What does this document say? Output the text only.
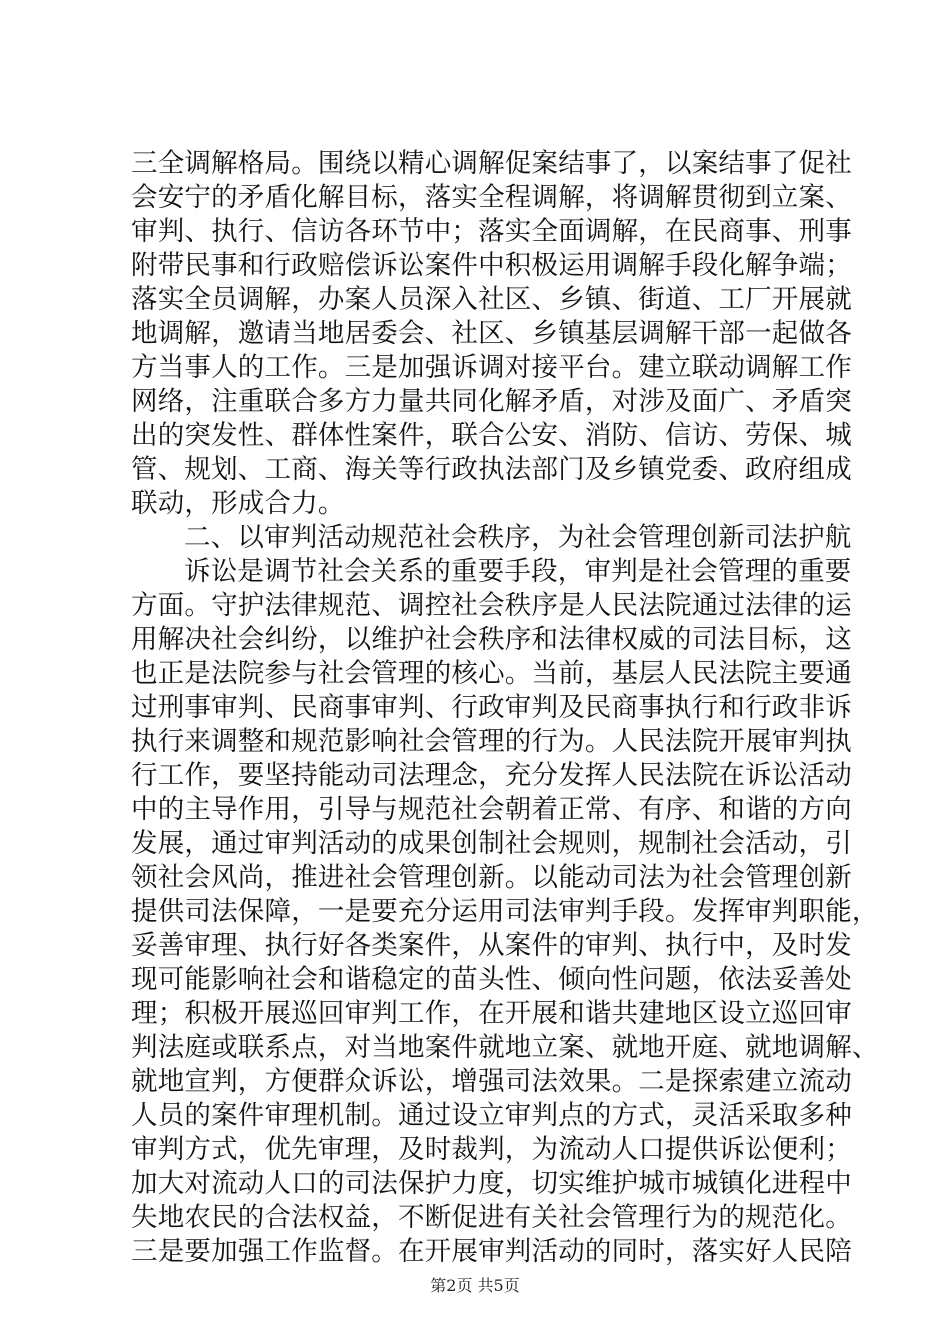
三全调解格局。围绕以精心调解促案结事了，以案结事了促社
会安宁的矛盾化解目标，落实全程调解，将调解贯彻到立案、
审判、执行、信访各环节中；落实全面调解，在民商事、刑事
附带民事和行政赔偿诉讼案件中积极运用调解手段化解争端；
落实全员调解，办案人员深入社区、乡镇、街道、工厂开展就
地调解，邀请当地居委会、社区、乡镇基层调解干部一起做各
方当事人的工作。三是加强诉调对接平台。建立联动调解工作
网络，注重联合多方力量共同化解矛盾，对涉及面广、矛盾突
出的突发性、群体性案件，联合公安、消防、信访、劳保、城
管、规划、工商、海关等行政执法部门及乡镇党委、政府组成
联动，形成合力。
二、以审判活动规范社会秩序，为社会管理创新司法护航
诉讼是调节社会关系的重要手段，审判是社会管理的重要
方面。守护法律规范、调控社会秩序是人民法院通过法律的运
用解决社会纠纷，以维护社会秩序和法律权威的司法目标，这
也正是法院参与社会管理的核心。当前，基层人民法院主要通
过刑事审判、民商事审判、行政审判及民商事执行和行政非诉
执行来调整和规范影响社会管理的行为。人民法院开展审判执
行工作，要坚持能动司法理念，充分发挥人民法院在诉讼活动
中的主导作用，引导与规范社会朝着正常、有序、和谐的方向
发展，通过审判活动的成果创制社会规则，规制社会活动，引
领社会风尚，推进社会管理创新。以能动司法为社会管理创新
提供司法保障，一是要充分运用司法审判手段。发挥审判职能，
妥善审理、执行好各类案件，从案件的审判、执行中，及时发
现可能影响社会和谐稳定的苗头性、倾向性问题，依法妥善处
理；积极开展巡回审判工作，在开展和谐共建地区设立巡回审
判法庭或联系点，对当地案件就地立案、就地开庭、就地调解、
就地宣判，方便群众诉讼，增强司法效果。二是探索建立流动
人员的案件审理机制。通过设立审判点的方式，灵活采取多种
审判方式，优先审理，及时裁判，为流动人口提供诉讼便利；
加大对流动人口的司法保护力度，切实维护城市城镇化进程中
失地农民的合法权益，不断促进有关社会管理行为的规范化。
三是要加强工作监督。在开展审判活动的同时，落实好人民陪
第2页 共5页
